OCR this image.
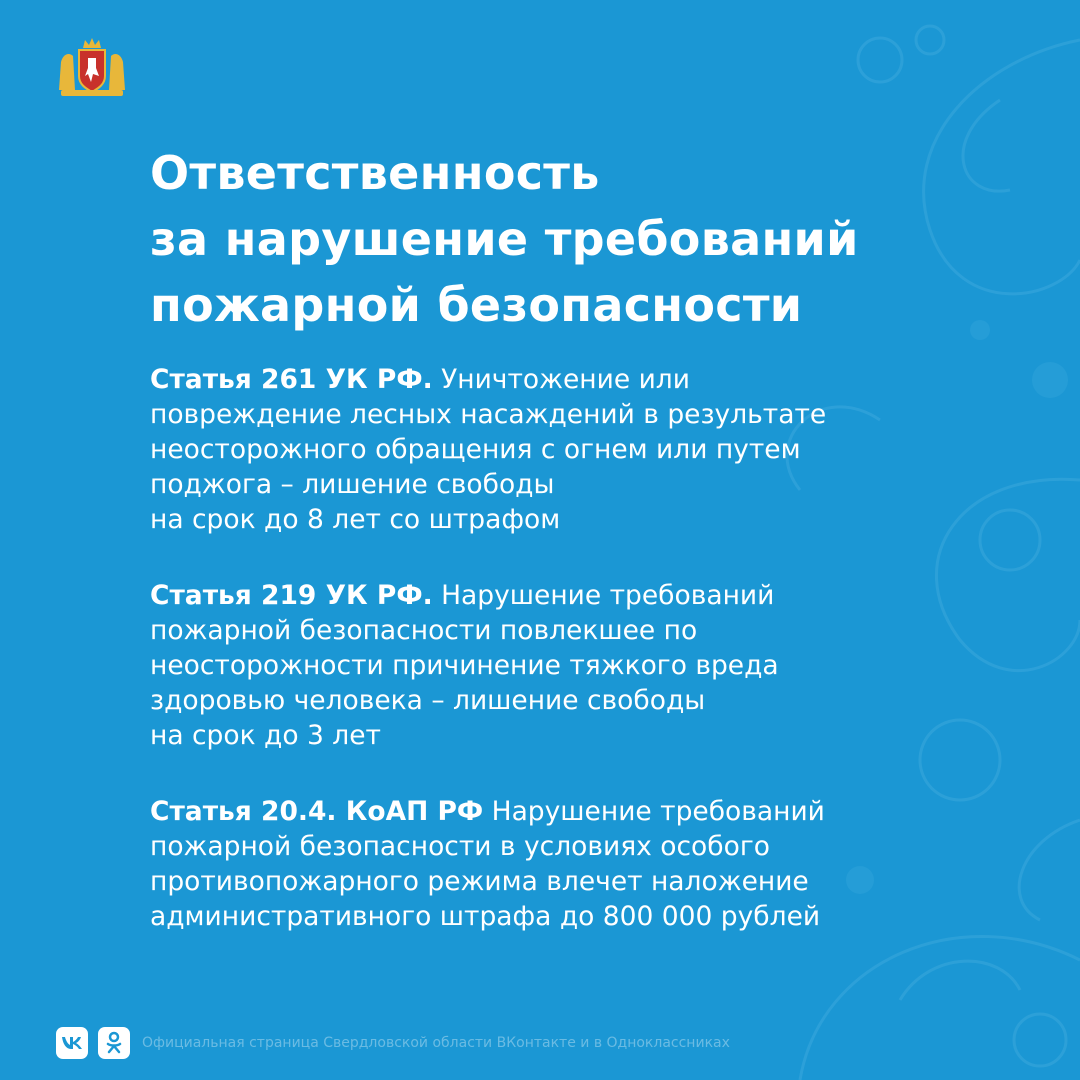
Ответственность
за нарушение требований
пожарной безопасности

Статья 261 УК РФ. Уничтожение или
повреждение лесных насаждений в результате
неосторожного обращения с огнем или путем
поджога – лишение свободы
на срок до 8 лет со штрафом

Статья 219 УК РФ. Нарушение требований
пожарной безопасности повлекшее по
неосторожности причинение тяжкого вреда
здоровью человека – лишение свободы
на срок до 3 лет

Статья 20.4. КоАП РФ Нарушение требований
пожарной безопасности в условиях особого
противопожарного режима влечет наложение
административного штрафа до 800 000 рублей

Официальная страница Свердловской области ВКонтакте и в Одноклассниках
